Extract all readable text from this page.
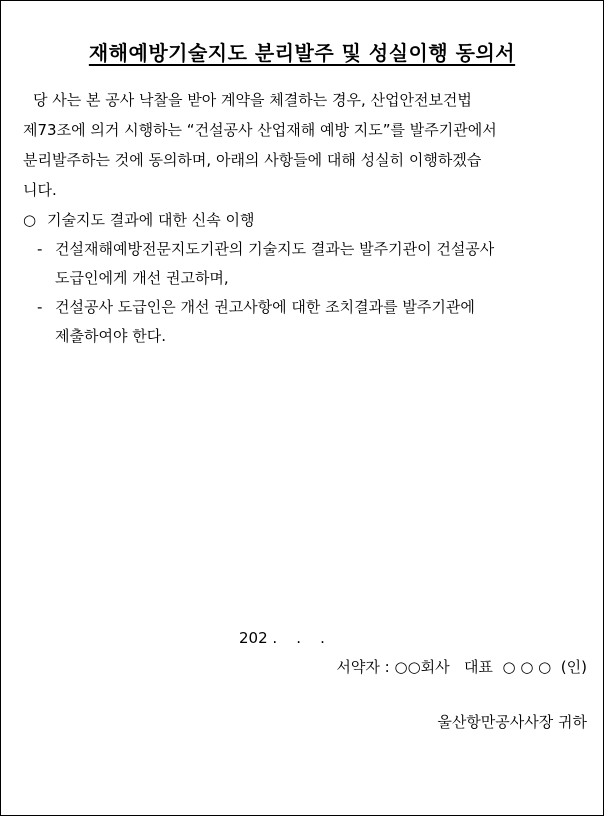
재해예방기술지도 분리발주 및 성실이행 동의서
당 사는 본 공사 낙찰을 받아 계약을 체결하는 경우, 산업안전보건법
제73조에 의거 시행하는 “건설공사 산업재해 예방 지도”를 발주기관에서
분리발주하는 것에 동의하며, 아래의 사항들에 대해 성실히 이행하겠습
니다.
○ 기술지도 결과에 대한 신속 이행
- 건설재해예방전문지도기관의 기술지도 결과는 발주기관이 건설공사
도급인에게 개선 권고하며,
- 건설공사 도급인은 개선 권고사항에 대한 조치결과를 발주기관에
제출하여야 한다.
202 .    .    .
서약자 : ○○회사   대표  ○ ○ ○  (인)
울산항만공사사장 귀하
